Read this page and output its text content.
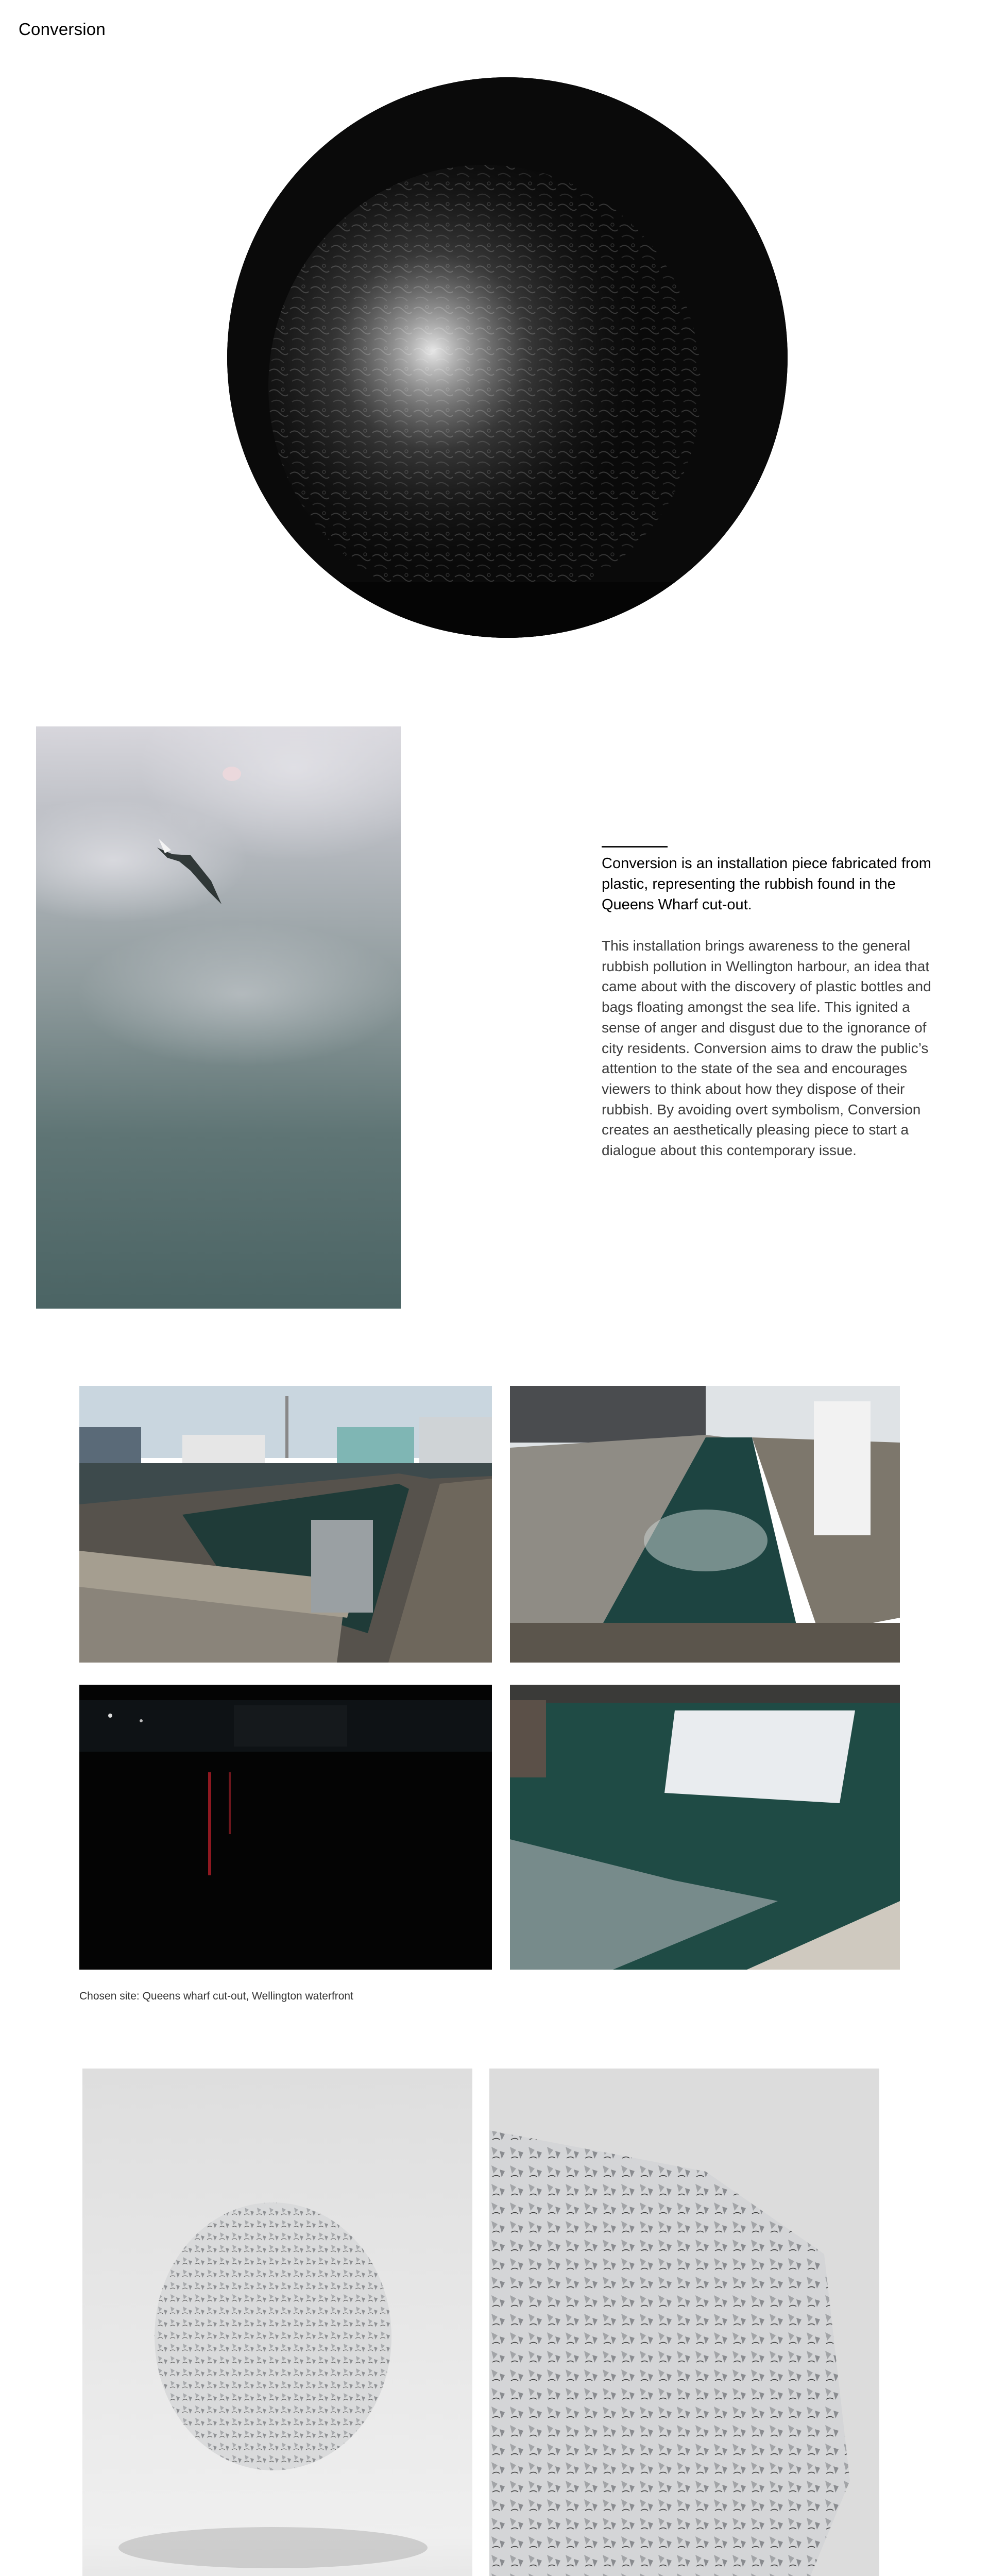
Conversion
Conversion is an installation piece fabricated from plastic, representing the rubbish found in the Queens Wharf cut-out.
This installation brings awareness to the general rubbish pollution in Wellington harbour, an idea that came about with the discovery of plastic bottles and bags floating amongst the sea life. This ignited a sense of anger and disgust due to the ignorance of city residents. Conversion aims to draw the public’s attention to the state of the sea and encourages viewers to think about how they dispose of their rubbish. By avoiding overt symbolism, Conversion creates an aesthetically pleasing piece to start a dialogue about this contemporary issue.
Chosen site: Queens wharf cut-out, Wellington waterfront
